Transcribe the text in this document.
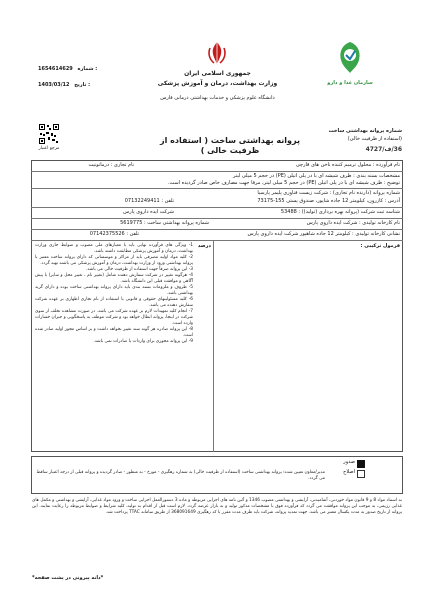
1654614629 شماره :
1403/03/12 تاریخ :
جمهوری اسلامی ایران
وزارت بهداشت، درمان و آموزش پزشکی
دانشگاه علوم پزشکی و خدمات بهداشتی درمانی فارس
سازمان غذا و دارو
مرجع اعتبار
شماره پروانه بهداشتی ساخت
(استفاده از ظرفیت خالی)
36/ف/4727
پروانه بهداشتی ساخت ( استفاده از ظرفیت خالی )
نام فرآورده : محلول ترمیم کننده ناخن های قارچی
نام تجاری : درماتونیت
مشخصات بسته بندی : ظرف شیشه ای با در پلی اتیلن (PE) در حجم 5 میلی لیتر
توضیح : ظرف شیشه ای با در پلی اتیلن (PE) در حجم 5 میلی لیتر، مرقا جهت مصارف خاص صادر گردیده است.
شماره پروانه (دارنده نام تجاری) : شرکت زیست فناوری پلیمر پارسیا
آدرس : کازرون، کیلومتر 12 جاده شاپور، صندوق پستی 155-73175
تلفن : 07132249411
شناسه ثبت شرکت (پروانه بهره برداری (تولید)) : 53488
شرکت ایده داروی پارس
نام کارخانه تولیدی : شرکت ایده داروی پارس
شماره پروانه بهداشتی ساخت : 5619775
نشانی کارخانه تولیدی : کیلومتر 12 جاده شاهپور شرکت ایده داروی پارس
تلفن : 07142375526
فرمول ترکیبی :
درصد
1- ویژگی های فرآورده نهایی باید با معیارهای ملی مصوب و ضوابط جاری وزارت بهداشت، درمان و آموزش پزشکی مطابقت داشته باشد.
2- کلیه مواد اولیه مصرفی باید از مراکز و موسساتی که دارای پروانه ساخت معتبر یا پروانه بهداشتی ورود از وزارت بهداشت، درمان و آموزش پزشکی می باشند تهیه گردد.
3- این پروانه صرفاً جهت استفاده از ظرفیت خالی می باشد.
4- هرگونه تغییر در شرکت سفارش دهنده شامل (تغییر نام ، تغییر محل و سایر) با پیش آگاهی و موافقت قبلی این دانشگاه باشد.
5- ظروف و ملزومات بسته بندی باید دارای پروانه بهداشتی ساخت بوده و دارای گرید بهداشتی باشد.
6- کلیه مسئولیتهای حقوقی و قانونی با استفاده از نام تجاری اظهاری بر عهده شرکت سفارش دهنده می باشد.
7- انجام کلیه تمهیدات لازم بر عهده شرکت می باشد. در صورت مشاهده تخلف از سوی شرکت در اینجا، پروانه ابطال خواهد بود و شرکت موظف به پاسخگویی و جبران خسارات وارده است.
8- این پروانه صادره هر گونه سند تغییر نخواهد داشت و بر اساس مجوز اولیه صادر شده است.
9- این پروانه مجوزی برای واردات یا صادرات نمی باشد.
صدور
اصلاح
مدیر/معاون تعیین شده؛ پروانه بهداشتی ساخت (استفاده از ظرفیت خالی) به شماره رهگیری - مورخ - به منظور - صادر گردیده و پروانه قبلی از درجه اعتبار ساقط می گردد.
به استناد مواد 8 و 9 قانون مواد خوردنی، آشامیدنی، آرایشی و بهداشتی مصوب 1346 و آئین نامه های اجرایی مربوطه و ماده 3 دستورالعمل اجرایی ساخت و ورود مواد غذایی، آرایشی و بهداشتی و مکمل های غذایی رژیمی، به موجب این پروانه موافقت می گردد که فرآورده فوق با مشخصات مذکور تولید و به بازار عرضه گردد. لازم است قبل از اقدام به تولید، کلیه شرایط و ضوابط مربوطه را رعایت نمایند. این پروانه از تاریخ صدور به مدت یکسال معتبر می باشد. جهت تمدید پروانه، شرکت باید ظرف مدت مقرر با کد رهگیری 368091649 از طریق سامانه TTAC پرداخت شد.
*دانه پیرونی در پشت صفحه*
